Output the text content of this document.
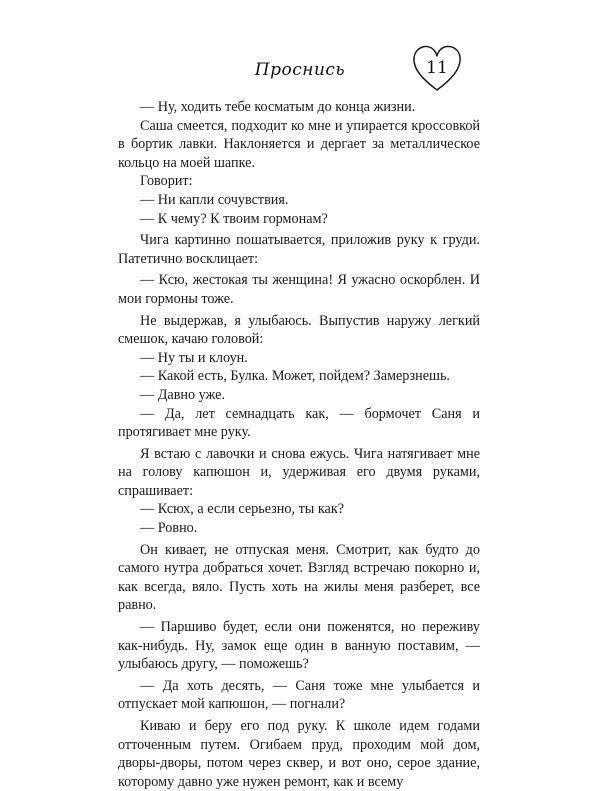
Проснись	11

— Ну, ходить тебе косматым до конца жизни.

Саша смеется, подходит ко мне и упирается кроссовкой в бортик лавки. Наклоняется и дергает за металлическое кольцо на моей шапке.

Говорит:

— Ни капли сочувствия.

— К чему? К твоим гормонам?

Чига картинно пошатывается, приложив руку к груди. Патетично восклицает:

— Ксю, жестокая ты женщина! Я ужасно оскорблен. И мои гормоны тоже.

Не выдержав, я улыбаюсь. Выпустив наружу легкий смешок, качаю головой:

— Ну ты и клоун.

— Какой есть, Булка. Может, пойдем? Замерзнешь.

— Давно уже.

— Да, лет семнадцать как, — бормочет Саня и протягивает мне руку.

Я встаю с лавочки и снова ежусь. Чига натягивает мне на голову капюшон и, удерживая его двумя руками, спрашивает:

— Ксюх, а если серьезно, ты как?

— Ровно.

Он кивает, не отпуская меня. Смотрит, как будто до самого нутра добраться хочет. Взгляд встречаю покорно и, как всегда, вяло. Пусть хоть на жилы меня разберет, все равно.

— Паршиво будет, если они поженятся, но переживу как-нибудь. Ну, замок еще один в ванную поставим, — улыбаюсь другу, — поможешь?

— Да хоть десять, — Саня тоже мне улыбается и отпускает мой капюшон, — погнали?

Киваю и беру его под руку. К школе идем годами отточенным путем. Огибаем пруд, проходим мой дом, дворы-дворы, потом через сквер, и вот оно, серое здание, которому давно уже нужен ремонт, как и всему
